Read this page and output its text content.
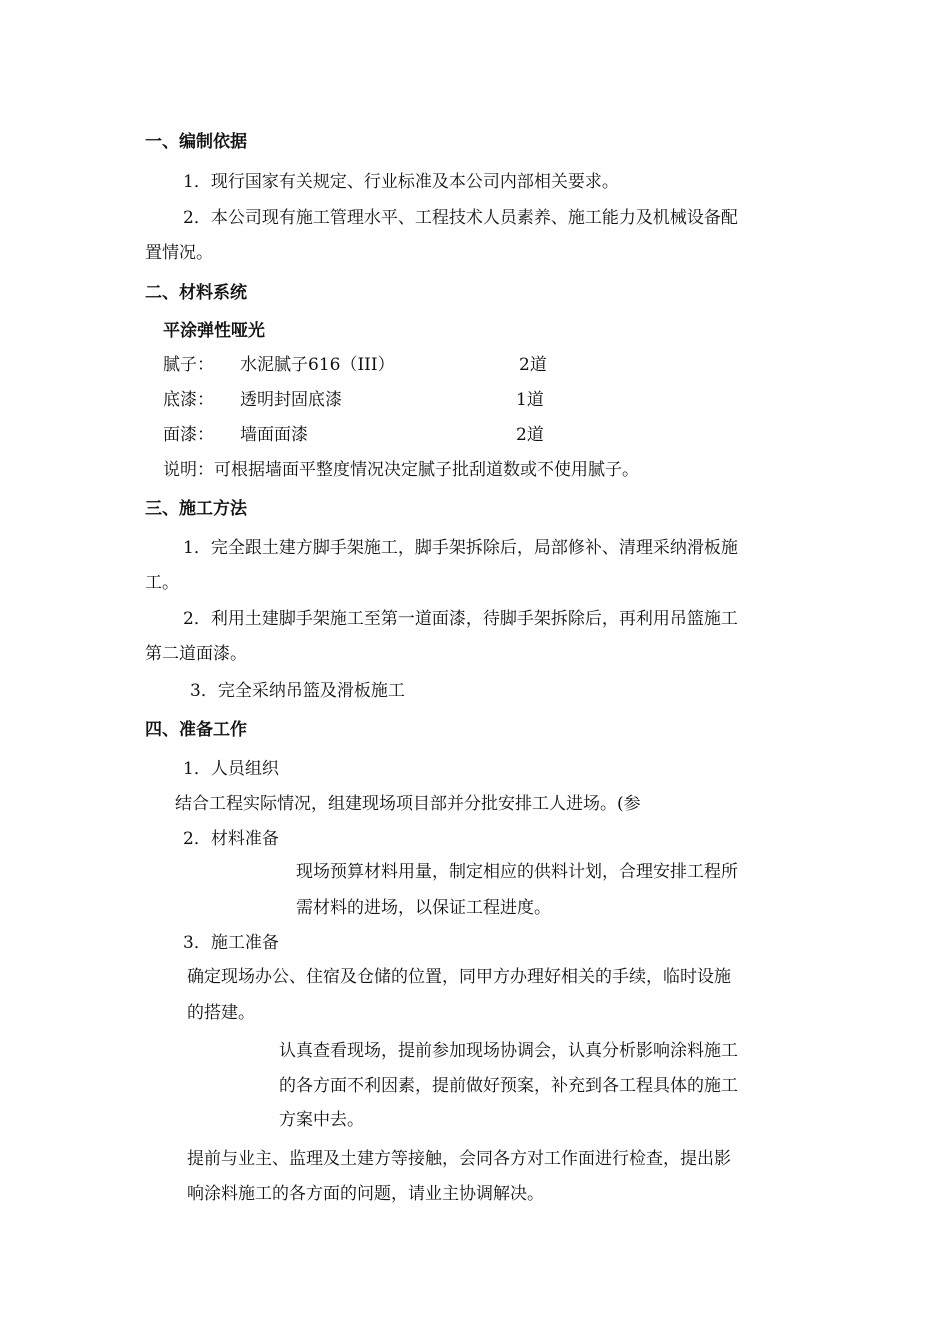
一、编制依据
1．现行国家有关规定、行业标准及本公司内部相关要求。
2．本公司现有施工管理水平、工程技术人员素养、施工能力及机械设备配
置情况。
二、材料系统
平涂弹性哑光
腻子： 水泥腻子616（III）	2道
底漆： 透明封固底漆	1道
面漆： 墙面面漆	2道
说明：可根据墙面平整度情况决定腻子批刮道数或不使用腻子。
三、施工方法
1．完全跟土建方脚手架施工，脚手架拆除后，局部修补、清理采纳滑板施
工。
2．利用土建脚手架施工至第一道面漆，待脚手架拆除后，再利用吊篮施工
第二道面漆。
3．完全采纳吊篮及滑板施工
四、准备工作
1．人员组织
结合工程实际情况，组建现场项目部并分批安排工人进场。(参
2．材料准备
现场预算材料用量，制定相应的供料计划，合理安排工程所
需材料的进场，以保证工程进度。
3．施工准备
确定现场办公、住宿及仓储的位置，同甲方办理好相关的手续，临时设施
的搭建。
认真查看现场，提前参加现场协调会，认真分析影响涂料施工
的各方面不利因素，提前做好预案，补充到各工程具体的施工
方案中去。
提前与业主、监理及土建方等接触，会同各方对工作面进行检查，提出影
响涂料施工的各方面的问题，请业主协调解决。
